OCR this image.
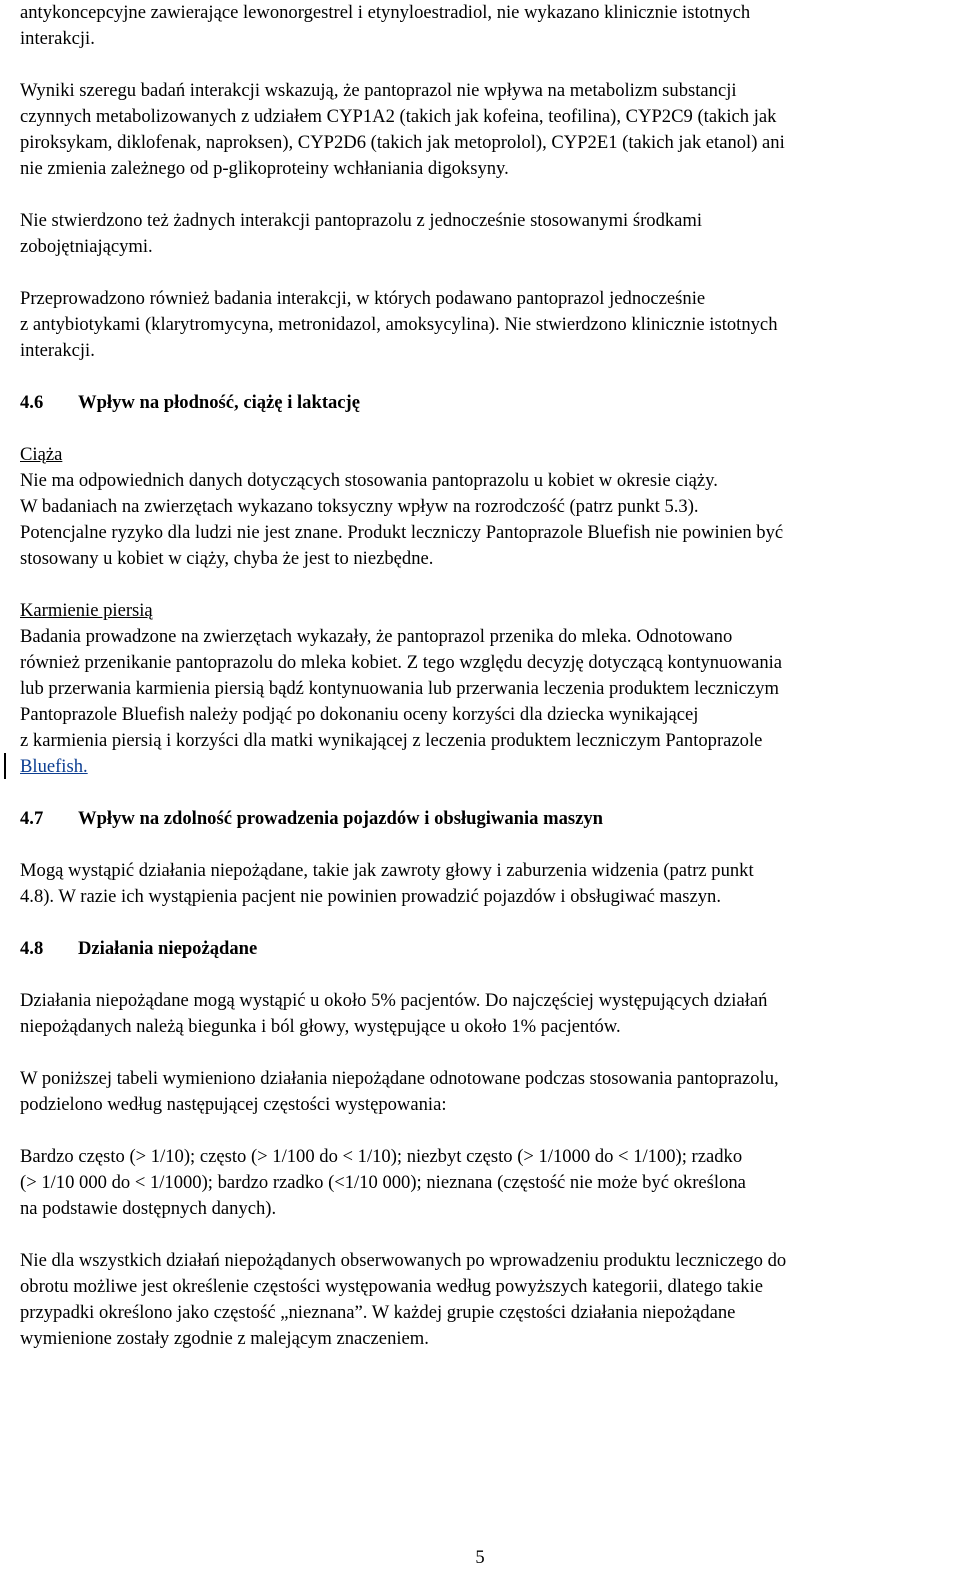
antykoncepcyjne zawierające lewonorgestrel i etynyloestradiol, nie wykazano klinicznie istotnych
interakcji.

Wyniki szeregu badań interakcji wskazują, że pantoprazol nie wpływa na metabolizm substancji
czynnych metabolizowanych z udziałem CYP1A2 (takich jak kofeina, teofilina), CYP2C9 (takich jak
piroksykam, diklofenak, naproksen), CYP2D6 (takich jak metoprolol), CYP2E1 (takich jak etanol) ani
nie zmienia zależnego od p-glikoproteiny wchłaniania digoksyny.

Nie stwierdzono też żadnych interakcji pantoprazolu z jednocześnie stosowanymi środkami
zobojętniającymi.

Przeprowadzono również badania interakcji, w których podawano pantoprazol jednocześnie
z antybiotykami (klarytromycyna, metronidazol, amoksycylina). Nie stwierdzono klinicznie istotnych
interakcji.

4.6 Wpływ na płodność, ciążę i laktację

Ciąża

Nie ma odpowiednich danych dotyczących stosowania pantoprazolu u kobiet w okresie ciąży.
W badaniach na zwierzętach wykazano toksyczny wpływ na rozrodczość (patrz punkt 5.3).
Potencjalne ryzyko dla ludzi nie jest znane. Produkt leczniczy Pantoprazole Bluefish nie powinien być
stosowany u kobiet w ciąży, chyba że jest to niezbędne.

Karmienie piersią

Badania prowadzone na zwierzętach wykazały, że pantoprazol przenika do mleka. Odnotowano
również przenikanie pantoprazolu do mleka kobiet. Z tego względu decyzję dotyczącą kontynuowania
lub przerwania karmienia piersią bądź kontynuowania lub przerwania leczenia produktem leczniczym
Pantoprazole Bluefish należy podjąć po dokonaniu oceny korzyści dla dziecka wynikającej
z karmienia piersią i korzyści dla matki wynikającej z leczenia produktem leczniczym Pantoprazole
Bluefish.

4.7 Wpływ na zdolność prowadzenia pojazdów i obsługiwania maszyn

Mogą wystąpić działania niepożądane, takie jak zawroty głowy i zaburzenia widzenia (patrz punkt
4.8). W razie ich wystąpienia pacjent nie powinien prowadzić pojazdów i obsługiwać maszyn.

4.8 Działania niepożądane

Działania niepożądane mogą wystąpić u około 5% pacjentów. Do najczęściej występujących działań
niepożądanych należą biegunka i ból głowy, występujące u około 1% pacjentów.

W poniższej tabeli wymieniono działania niepożądane odnotowane podczas stosowania pantoprazolu,
podzielono według następującej częstości występowania:

Bardzo często (> 1/10); często (> 1/100 do < 1/10); niezbyt często (> 1/1000 do < 1/100); rzadko
(> 1/10 000 do < 1/1000); bardzo rzadko (<1/10 000); nieznana (częstość nie może być określona
na podstawie dostępnych danych).

Nie dla wszystkich działań niepożądanych obserwowanych po wprowadzeniu produktu leczniczego do
obrotu możliwe jest określenie częstości występowania według powyższych kategorii, dlatego takie
przypadki określono jako częstość „nieznana”. W każdej grupie częstości działania niepożądane
wymienione zostały zgodnie z malejącym znaczeniem.

5
